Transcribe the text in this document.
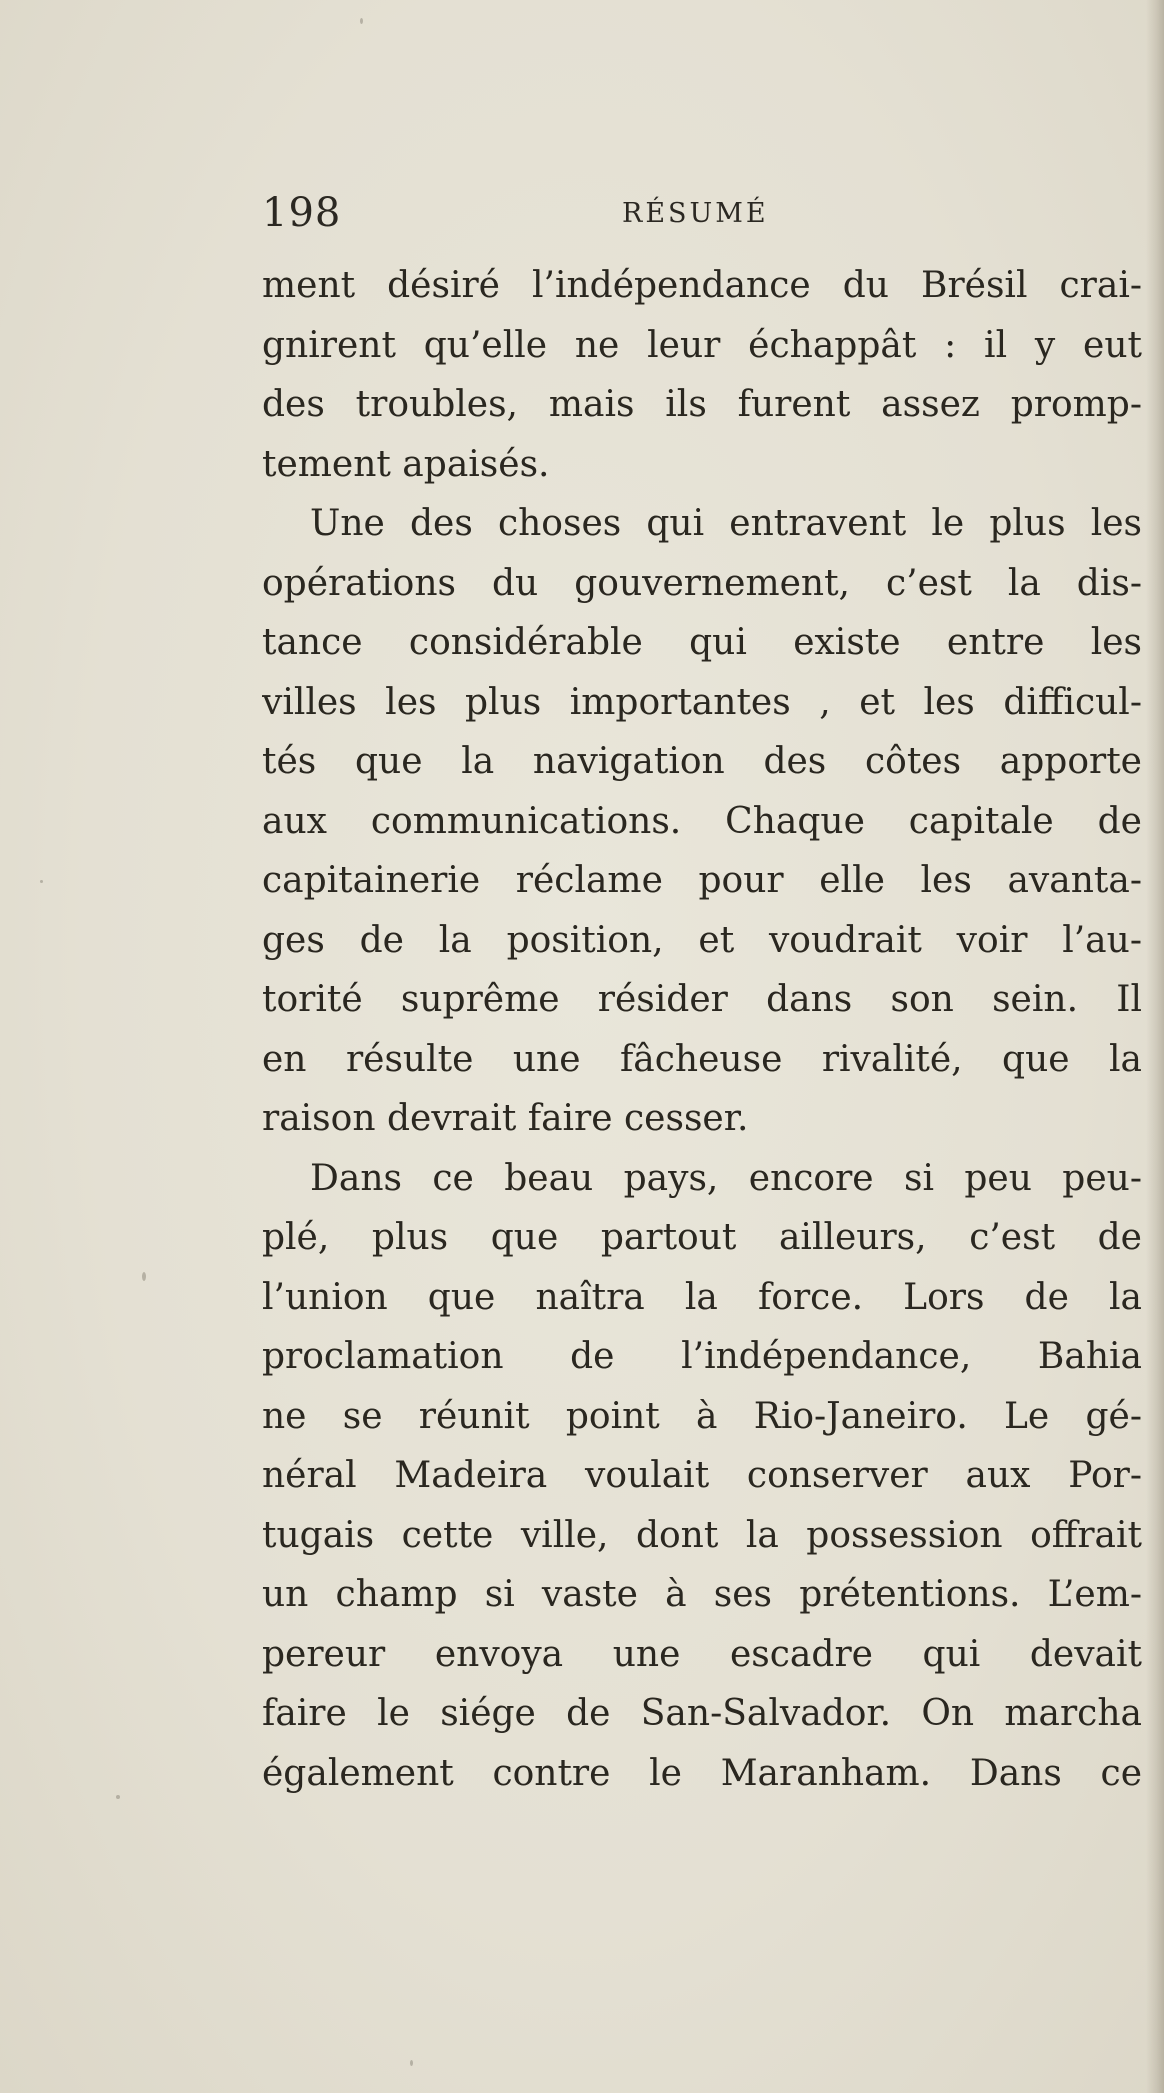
198	RÉSUMÉ
ment désiré l’indépendance du Brésil crai-
gnirent qu’elle ne leur échappât : il y eut
des troubles, mais ils furent assez promp-
tement apaisés.
Une des choses qui entravent le plus les
opérations du gouvernement, c’est la dis-
tance considérable qui existe entre les
villes les plus importantes , et les difficul-
tés que la navigation des côtes apporte
aux communications. Chaque capitale de
capitainerie réclame pour elle les avanta-
ges de la position, et voudrait voir l’au-
torité suprême résider dans son sein. Il
en résulte une fâcheuse rivalité, que la
raison devrait faire cesser.
Dans ce beau pays, encore si peu peu-
plé, plus que partout ailleurs, c’est de
l’union que naîtra la force. Lors de la
proclamation de l’indépendance, Bahia
ne se réunit point à Rio-Janeiro. Le gé-
néral Madeira voulait conserver aux Por-
tugais cette ville, dont la possession offrait
un champ si vaste à ses prétentions. L’em-
pereur envoya une escadre qui devait
faire le siége de San-Salvador. On marcha
également contre le Maranham. Dans ce
